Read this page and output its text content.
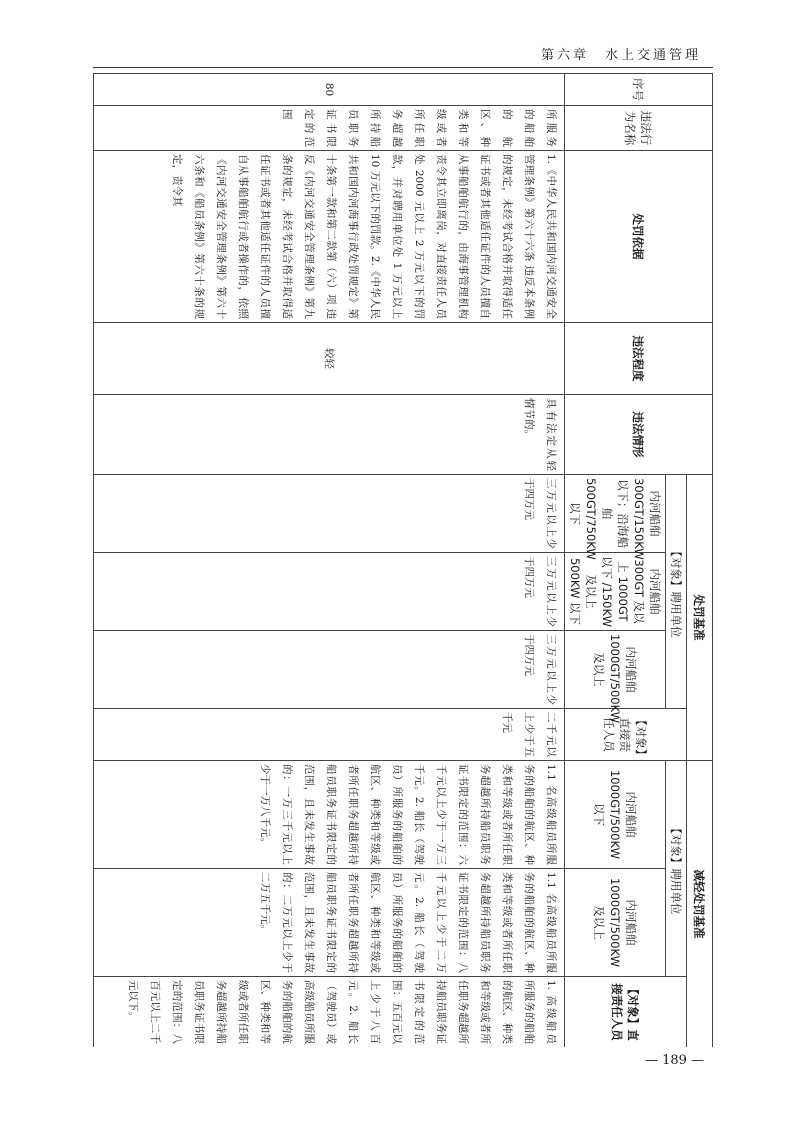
第六章　水上交通管理
序号	违法行为名称	处罚依据	违法程度	违法情形	处罚基准				减轻处罚基准		
					【对象】聘用单位			【对象】直接责任人员	【对象】聘用单位		【对象】直接责任人员
					内河船舶 300GT/150KW 以下；沿海船舶 500GT/750KW 以下	内河船舶 300GT 及以上 1000GT 以下 /150KW 及以上 500KW 以下	内河船舶 1000GT/500KW 及以上		内河船舶 1000GT/500KW 以下	内河船舶 1000GT/500KW 及以上	
80	所服务的船舶的航区、种类和等级或者所任职务超越所持船员职务证书限定的范围	1.《中华人民共和国内河交通安全管理条例》第六十六条 违反本条例的规定，未经考试合格并取得适任证书或者其他适任证件的人员擅自从事船舶航行的，由海事管理机构责令其立即离岗，对直接责任人员处 2000 元以上 2 万元以下的罚款，并对聘用单位处 1 万元以上 10 万元以下的罚款。2.《中华人民共和国内河海事行政处罚规定》第十条第一款和第二款第（六）项 违反《内河交通安全管理条例》第九条的规定，未经考试合格并取得适任证书或者其他适任证件的人员擅自从事船舶航行或者操作的，依照《内河交通安全管理条例》第六十六条和《船员条例》第六十条的规定，责令其	较轻	具有法定从轻情节的。	三万元以上少于四万元	三万元以上少于四万元	三万元以上少于四万元	二千元以上少于五千元	1.1 名高级船员所服务的船舶的航区、种类和等级或者所任职务超越所持船员职务证书限定的范围：六千元以上少于一万三千元。2. 船长（驾驶员）所服务的船舶的航区、种类和等级或者所任职务超越所持船员职务证书限定的范围，且未发生事故的：一万三千元以上少于一万八千元。	1.1 名高级船员所服务的船舶的航区、种类和等级或者所任职务超越所持船员职务证书限定的范围：八千元以上少于二万元。2. 船长（驾驶员）所服务的船舶的航区、种类和等级或者所任职务超越所持船员职务证书限定的范围，且未发生事故的：二万元以上少于二万五千元。	1. 高级船员所服务的船舶的航区、种类和等级或者所任职务超越所持船员职务证书限定的范围：五百元以上少于八百元。2. 船长（驾驶员）或高级船员所服务的船舶的航区、种类和等级或者所任职务超越所持船员职务证书限定的范围：八百元以上二千元以下。
— 189 —
